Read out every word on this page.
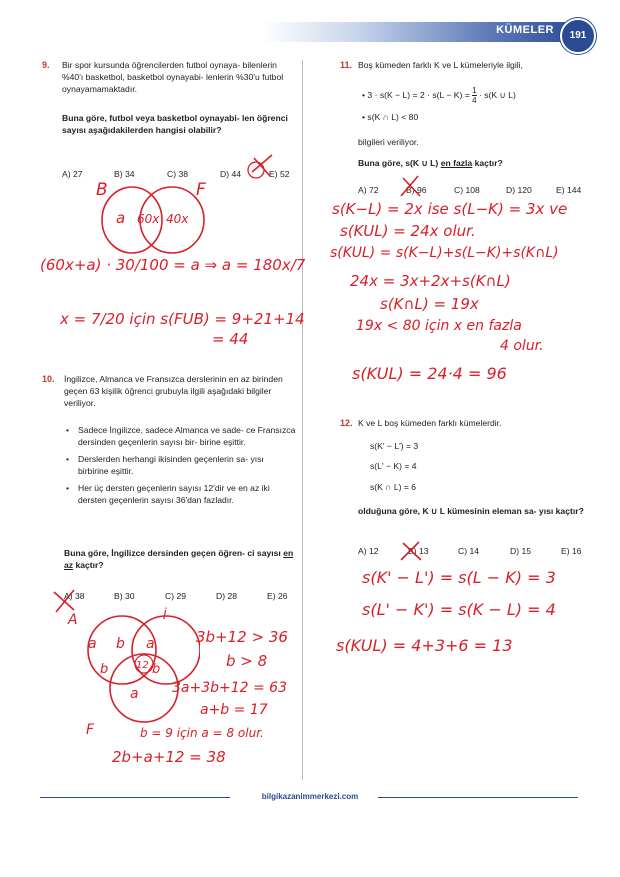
KÜMELER	191
9. Bir spor kursunda öğrencilerden futbol oynaya- bilenlerin %40'ı basketbol, basketbol oynayabi- lenlerin %30'u futbol oynayamamaktadır.
Buna göre, futbol veya basketbol oynayabi- len öğrenci sayısı aşağıdakilerden hangisi olabilir?
A) 27	B) 34	C) 38	D) 44	E) 52
B	F
a 60x 40x
(60x+a) · 30/100 = a ⇒ a = 180x/7
x = 7/20 için s(FUB) = 9+21+14
= 44
10. İngilizce, Almanca ve Fransızca derslerinin en az birinden geçen 63 kişilik öğrenci grubuyla ilgili aşağıdaki bilgiler veriliyor.
• Sadece İngilizce, sadece Almanca ve sade- ce Fransızca dersinden geçenlerin sayısı bir- birine eşittir.
• Derslerden herhangi ikisinden geçenlerin sa- yısı birbirine eşittir.
• Her üç dersten geçenlerin sayısı 12'dir ve en az iki dersten geçenlerin sayısı 36'dan fazladır.
Buna göre, İngilizce dersinden geçen öğren- ci sayısı en az kaçtır?
A) 38	B) 30	C) 29	D) 28	E) 26
A	İ
F
a b a
b	12 b
a
3b+12 > 36
b > 8
3a+3b+12 = 63
a+b = 17
b = 9 için a = 8 olur.
2b+a+12 = 38
11. Boş kümeden farklı K ve L kümeleriyle ilgili,
• $3 \cdot s(K - L) = 2 \cdot s(L - K) = \frac{1}{4} \cdot s(K$ ∪ L)
• s(K ∩ L) < 80
bilgileri veriliyor.
Buna göre, s(K ∪ L) en fazla kaçtır?
A) 72	B) 96	C) 108	D) 120	E) 144
s(K−L) = 2x ise s(L−K) = 3x ve
s(KUL) = 24x olur.
s(KUL) = s(K−L)+s(L−K)+s(K∩L)
24x = 3x+2x+s(K∩L)
s(K∩L) = 19x
19x < 80 için x en fazla
4 olur.
s(KUL) = 24·4 = 96
12. K ve L boş kümeden farklı kümelerdir.
s(K' − L') = 3
s(L' − K) = 4
s(K ∩ L) = 6
olduğuna göre, K ∪ L kümesinin eleman sa- yısı kaçtır?
A) 12	B) 13	C) 14	D) 15	E) 16
s(K' − L') = s(L − K) = 3
s(L' − K') = s(K − L) = 4
s(KUL) = 4+3+6 = 13
bilgikazanimmerkezi.com
